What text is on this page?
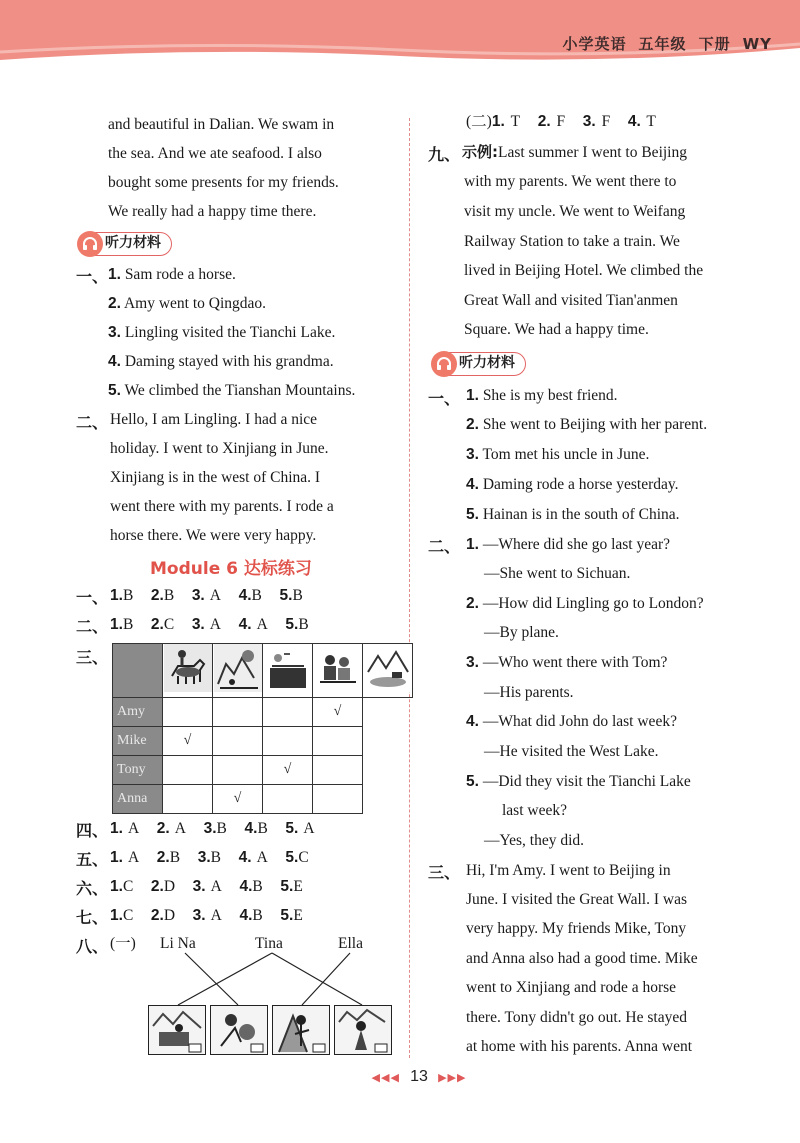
小学英语 五年级 下册 WY
and beautiful in Dalian. We swam in
the sea. And we ate seafood. I also
bought some presents for my friends.
We really had a happy time there.
听力材料
一、 1. Sam rode a horse.
2. Amy went to Qingdao.
3. Lingling visited the Tianchi Lake.
4. Daming stayed with his grandma.
5. We climbed the Tianshan Mountains.
二、 Hello, I am Lingling. I had a nice
holiday. I went to Xinjiang in June.
Xinjiang is in the west of China. I
went there with my parents. I rode a
horse there. We were very happy.
Module 6 达标练习
一、 1.B 2.B 3. A 4.B 5.B
二、 1.B 2.C 3. A 4. A 5.B
三、

Amy				√	
Mike	√				
Tony			√		
Anna		√			
四、 1. A 2. A 3.B 4.B 5. A
五、 1. A 2.B 3.B 4. A 5.C
六、 1.C 2.D 3. A 4.B 5.E
七、 1.C 2.D 3. A 4.B 5.E
八、 (一) Li Na	Tina	Ella
(二)1. T 2. F 3. F 4. T
九、 示例:Last summer I went to Beijing
with my parents. We went there to
visit my uncle. We went to Weifang
Railway Station to take a train. We
lived in Beijing Hotel. We climbed the
Great Wall and visited Tian'anmen
Square. We had a happy time.
听力材料
一、 1. She is my best friend.
2. She went to Beijing with her parent.
3. Tom met his uncle in June.
4. Daming rode a horse yesterday.
5. Hainan is in the south of China.
二、 1. —Where did she go last year?
—She went to Sichuan.
2. —How did Lingling go to London?
—By plane.
3. —Who went there with Tom?
—His parents.
4. —What did John do last week?
—He visited the West Lake.
5. —Did they visit the Tianchi Lake
last week?
—Yes, they did.
三、 Hi, I'm Amy. I went to Beijing in
June. I visited the Great Wall. I was
very happy. My friends Mike, Tony
and Anna also had a good time. Mike
went to Xinjiang and rode a horse
there. Tony didn't go out. He stayed
at home with his parents. Anna went
◀◀◀ 13 ▶▶▶
